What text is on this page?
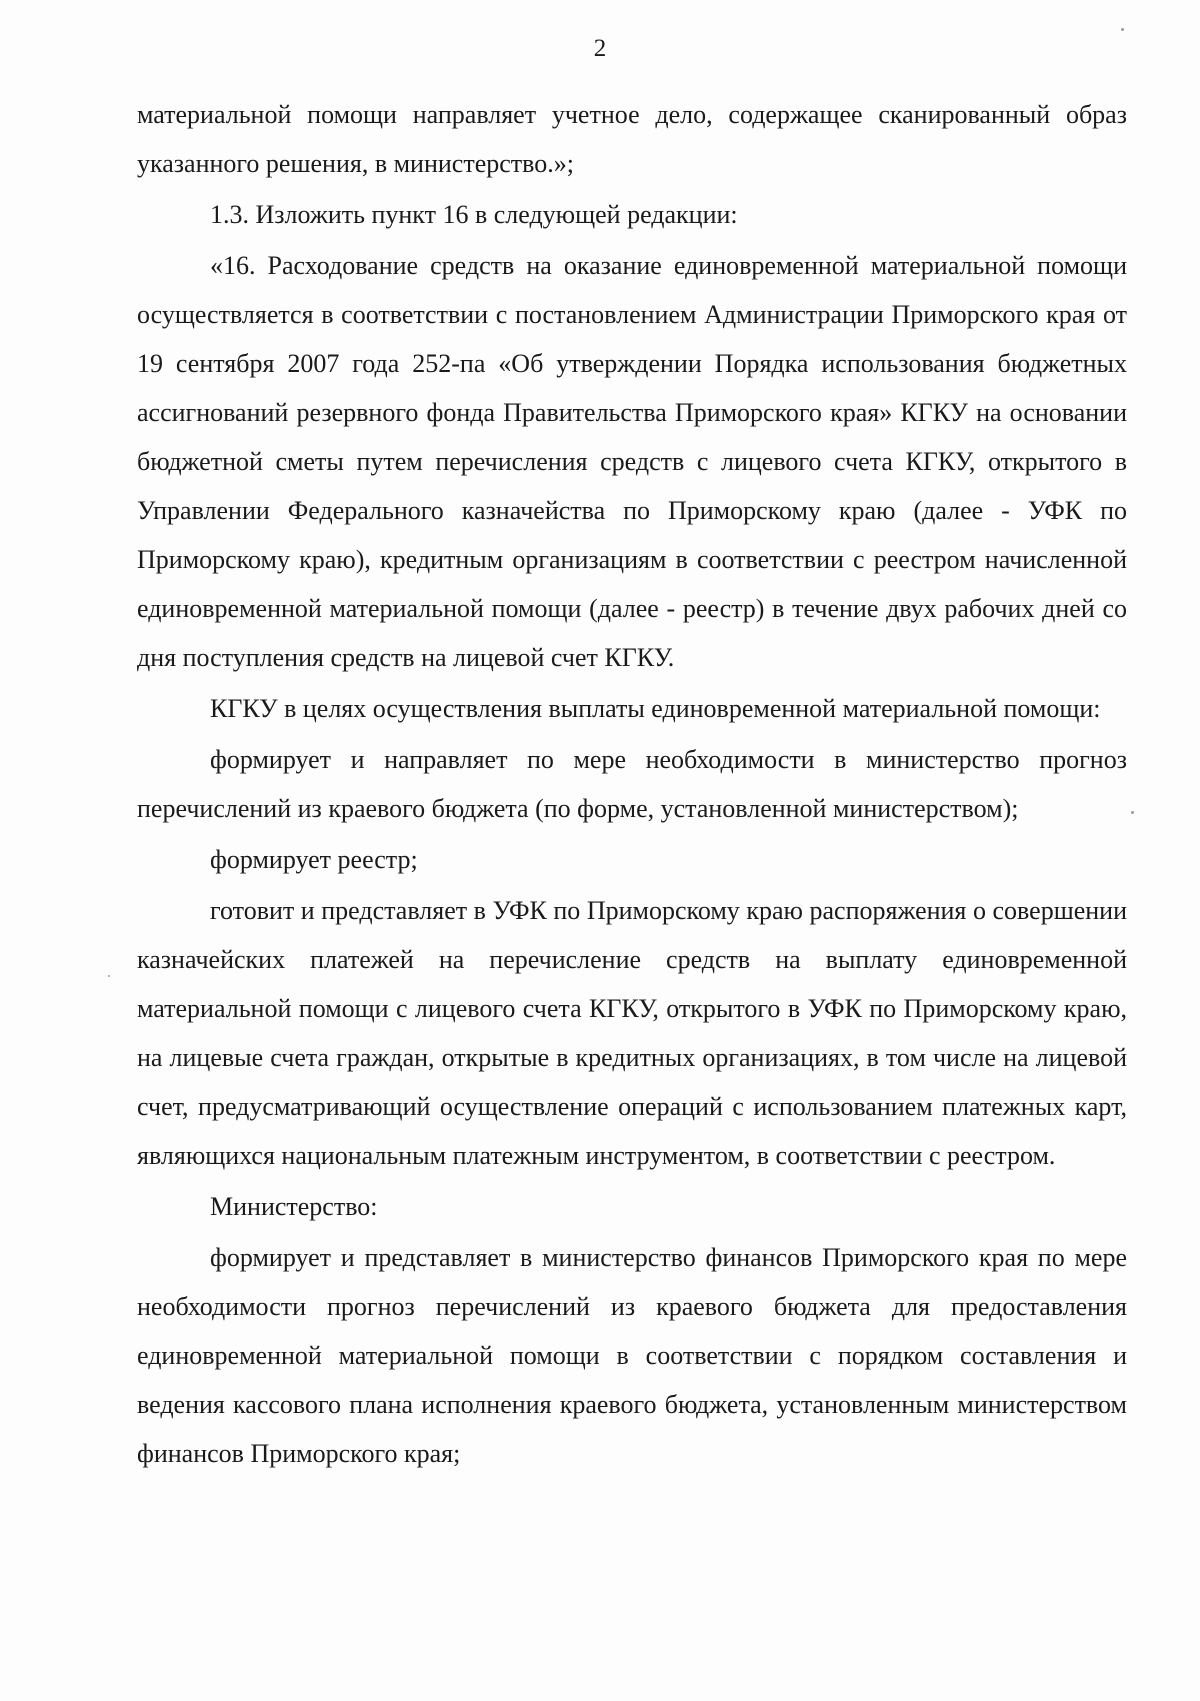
2

материальной помощи направляет учетное дело, содержащее сканированный образ указанного решения, в министерство.»;

1.3. Изложить пункт 16 в следующей редакции:

«16. Расходование средств на оказание единовременной материальной помощи осуществляется в соответствии с постановлением Администрации Приморского края от 19 сентября 2007 года 252-па «Об утверждении Порядка использования бюджетных ассигнований резервного фонда Правительства Приморского края» КГКУ на основании бюджетной сметы путем перечисления средств с лицевого счета КГКУ, открытого в Управлении Федерального казначейства по Приморскому краю (далее - УФК по Приморскому краю), кредитным организациям в соответствии с реестром начисленной единовременной материальной помощи (далее - реестр) в течение двух рабочих дней со дня поступления средств на лицевой счет КГКУ.

КГКУ в целях осуществления выплаты единовременной материальной помощи:

формирует и направляет по мере необходимости в министерство прогноз перечислений из краевого бюджета (по форме, установленной министерством);

формирует реестр;

готовит и представляет в УФК по Приморскому краю распоряжения о совершении казначейских платежей на перечисление средств на выплату единовременной материальной помощи с лицевого счета КГКУ, открытого в УФК по Приморскому краю, на лицевые счета граждан, открытые в кредитных организациях, в том числе на лицевой счет, предусматривающий осуществление операций с использованием платежных карт, являющихся национальным платежным инструментом, в соответствии с реестром.

Министерство:

формирует и представляет в министерство финансов Приморского края по мере необходимости прогноз перечислений из краевого бюджета для предоставления единовременной материальной помощи в соответствии с порядком составления и ведения кассового плана исполнения краевого бюджета, установленным министерством финансов Приморского края;
